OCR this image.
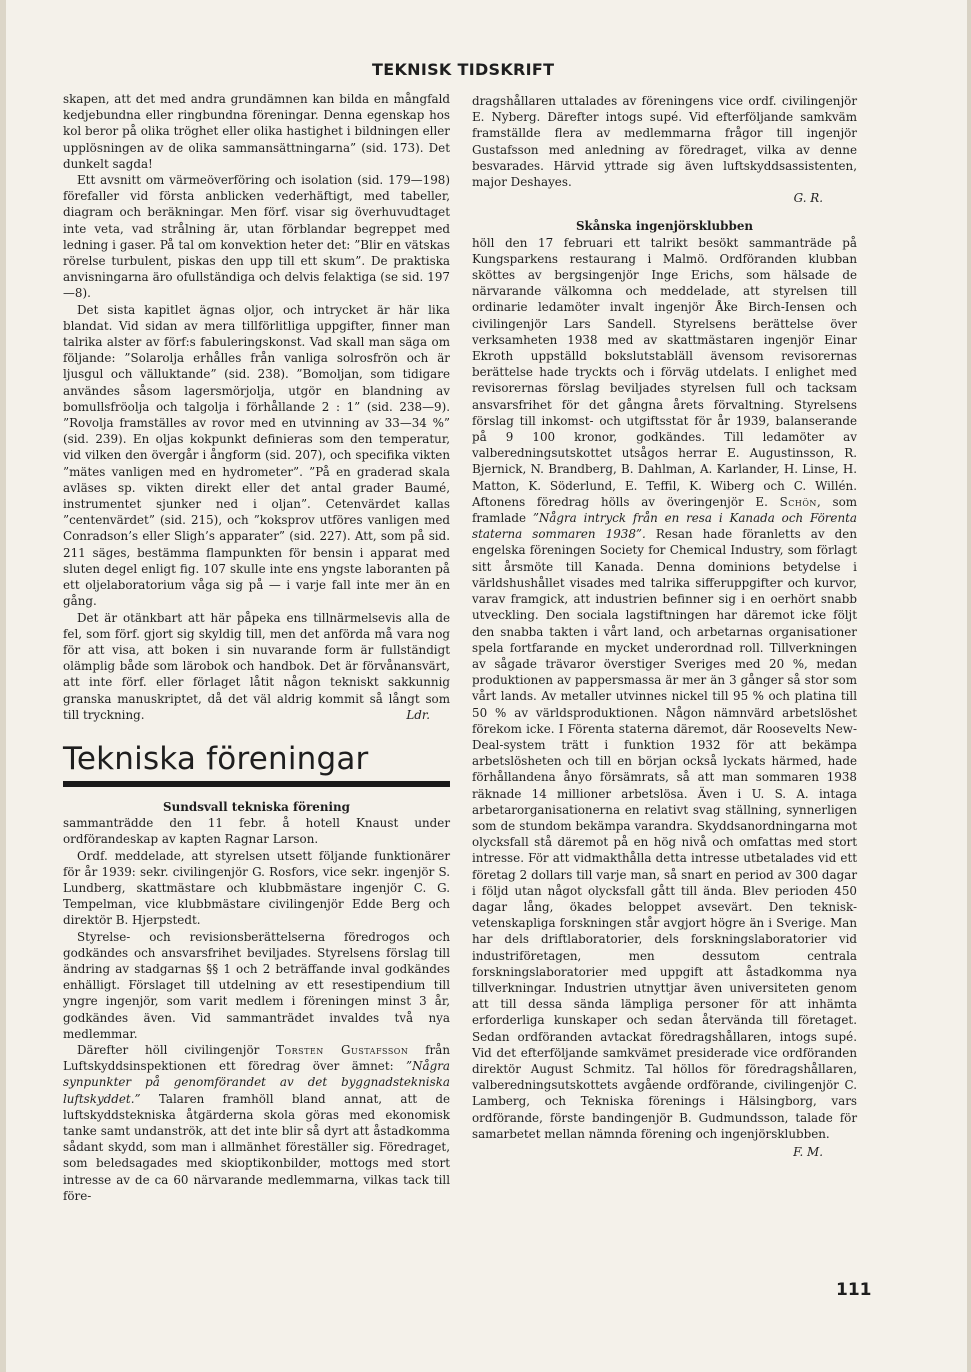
TEKNISK TIDSKRIFT

skapen, att det med andra grundämnen kan bilda en mångfald kedjebundna eller ringbundna föreningar. Denna egenskap hos kol beror på olika tröghet eller olika hastighet i bildningen eller upplösningen av de olika sammansättningarna” (sid. 173). Det dunkelt sagda!

Ett avsnitt om värmeöverföring och isolation (sid. 179—198) förefaller vid första anblicken vederhäftigt, med tabeller, diagram och beräkningar. Men förf. visar sig överhuvudtaget inte veta, vad strålning är, utan förblandar begreppet med ledning i gaser. På tal om konvektion heter det: ”Blir en vätskas rörelse turbulent, piskas den upp till ett skum”. De praktiska anvisningarna äro ofullständiga och delvis felaktiga (se sid. 197—8).

Det sista kapitlet ägnas oljor, och intrycket är här lika blandat. Vid sidan av mera tillförlitliga uppgifter, finner man talrika alster av förf:s fabuleringskonst. Vad skall man säga om följande: ”Solarolja erhålles från vanliga solrosfrön och är ljusgul och välluktande” (sid. 238). ”Bomoljan, som tidigare användes såsom lagersmörjolja, utgör en blandning av bomullsfröolja och talgolja i förhållande 2 : 1” (sid. 238—9). ”Rovolja framställes av rovor med en utvinning av 33—34 %” (sid. 239). En oljas kokpunkt definieras som den temperatur, vid vilken den övergår i ångform (sid. 207), och specifika vikten ”mätes vanligen med en hydrometer”. ”På en graderad skala avläses sp. vikten direkt eller det antal grader Baumé, instrumentet sjunker ned i oljan”. Cetenvärdet kallas ”centenvärdet” (sid. 215), och ”koksprov utföres vanligen med Conradson’s eller Sligh’s apparater” (sid. 227). Att, som på sid. 211 säges, bestämma flampunkten för bensin i apparat med sluten degel enligt fig. 107 skulle inte ens yngste laboranten på ett oljelaboratorium våga sig på — i varje fall inte mer än en gång.

Det är otänkbart att här påpeka ens tillnärmelsevis alla de fel, som förf. gjort sig skyldig till, men det anförda må vara nog för att visa, att boken i sin nuvarande form är fullständigt olämplig både som lärobok och handbok. Det är förvånansvärt, att inte förf. eller förlaget låtit någon tekniskt sakkunnig granska manuskriptet, då det väl aldrig kommit så långt som till tryckning.	Ldr.

Tekniska föreningar

Sundsvall tekniska förening

sammanträdde den 11 febr. å hotell Knaust under ordförandeskap av kapten Ragnar Larson.

Ordf. meddelade, att styrelsen utsett följande funktionärer för år 1939: sekr. civilingenjör G. Rosfors, vice sekr. ingenjör S. Lundberg, skattmästare och klubbmästare ingenjör C. G. Tempelman, vice klubbmästare civilingenjör Edde Berg och direktör B. Hjerpstedt.

Styrelse- och revisionsberättelserna föredrogos och godkändes och ansvarsfrihet beviljades. Styrelsens förslag till ändring av stadgarnas §§ 1 och 2 beträffande inval godkändes enhälligt. Förslaget till utdelning av ett resestipendium till yngre ingenjör, som varit medlem i föreningen minst 3 år, godkändes även. Vid sammanträdet invaldes två nya medlemmar.

Därefter höll civilingenjör Torsten Gustafsson från Luftskyddsinspektionen ett föredrag över ämnet: ”Några synpunkter på genomförandet av det byggnadstekniska luftskyddet.” Talaren framhöll bland annat, att de luftskyddstekniska åtgärderna skola göras med ekonomisk tanke samt undanströk, att det inte blir så dyrt att åstadkomma sådant skydd, som man i allmänhet föreställer sig. Föredraget, som beledsagades med skioptikonbilder, mottogs med stort intresse av de ca 60 närvarande medlemmarna, vilkas tack till före-

dragshållaren uttalades av föreningens vice ordf. civilingenjör E. Nyberg. Därefter intogs supé. Vid efterföljande samkväm framställde flera av medlemmarna frågor till ingenjör Gustafsson med anledning av föredraget, vilka av denne besvarades. Härvid yttrade sig även luftskyddsassistenten, major Deshayes.

G. R.

Skånska ingenjörsklubben

höll den 17 februari ett talrikt besökt sammanträde på Kungsparkens restaurang i Malmö. Ordföranden klubban sköttes av bergsingenjör Inge Erichs, som hälsade de närvarande välkomna och meddelade, att styrelsen till ordinarie ledamöter invalt ingenjör Åke Birch-Iensen och civilingenjör Lars Sandell. Styrelsens berättelse över verksamheten 1938 med av skattmästaren ingenjör Einar Ekroth uppställd bokslutstabläll ävensom revisorernas berättelse hade tryckts och i förväg utdelats. I enlighet med revisorernas förslag beviljades styrelsen full och tacksam ansvarsfrihet för det gångna årets förvaltning. Styrelsens förslag till inkomst- och utgiftsstat för år 1939, balanserande på 9 100 kronor, godkändes. Till ledamöter av valberedningsutskottet utsågos herrar E. Augustinsson, R. Bjernick, N. Brandberg, B. Dahlman, A. Karlander, H. Linse, H. Matton, K. Söderlund, E. Teffil, K. Wiberg och C. Willén. Aftonens föredrag hölls av överingenjör E. Schön, som framlade ”Några intryck från en resa i Kanada och Förenta staterna sommaren 1938”. Resan hade föranletts av den engelska föreningen Society for Chemical Industry, som förlagt sitt årsmöte till Kanada. Denna dominions betydelse i världshushållet visades med talrika sifferuppgifter och kurvor, varav framgick, att industrien befinner sig i en oerhört snabb utveckling. Den sociala lagstiftningen har däremot icke följt den snabba takten i vårt land, och arbetarnas organisationer spela fortfarande en mycket underordnad roll. Tillverkningen av sågade trävaror överstiger Sveriges med 20 %, medan produktionen av pappersmassa är mer än 3 gånger så stor som vårt lands. Av metaller utvinnes nickel till 95 % och platina till 50 % av världsproduktionen. Någon nämnvärd arbetslöshet förekom icke. I Förenta staterna däremot, där Roosevelts New-Deal-system trätt i funktion 1932 för att bekämpa arbetslösheten och till en början också lyckats härmed, hade förhållandena ånyo försämrats, så att man sommaren 1938 räknade 14 millioner arbetslösa. Även i U. S. A. intaga arbetarorganisationerna en relativt svag ställning, synnerligen som de stundom bekämpa varandra. Skyddsanordningarna mot olycksfall stå däremot på en hög nivå och omfattas med stort intresse. För att vidmakthålla detta intresse utbetalades vid ett företag 2 dollars till varje man, så snart en period av 300 dagar i följd utan något olycksfall gått till ända. Blev perioden 450 dagar lång, ökades beloppet avsevärt. Den teknisk-vetenskapliga forskningen står avgjort högre än i Sverige. Man har dels driftlaboratorier, dels forskningslaboratorier vid industriföretagen, men dessutom centrala forskningslaboratorier med uppgift att åstadkomma nya tillverkningar. Industrien utnyttjar även universiteten genom att till dessa sända lämpliga personer för att inhämta erforderliga kunskaper och sedan återvända till företaget. Sedan ordföranden avtackat föredragshållaren, intogs supé. Vid det efterföljande samkvämet presiderade vice ordföranden direktör August Schmitz. Tal höllos för föredragshållaren, valberedningsutskottets avgående ordförande, civilingenjör C. Lamberg, och Tekniska förenings i Hälsingborg, vars ordförande, förste bandingenjör B. Gudmundsson, talade för samarbetet mellan nämnda förening och ingenjörsklubben.

F. M.

111
